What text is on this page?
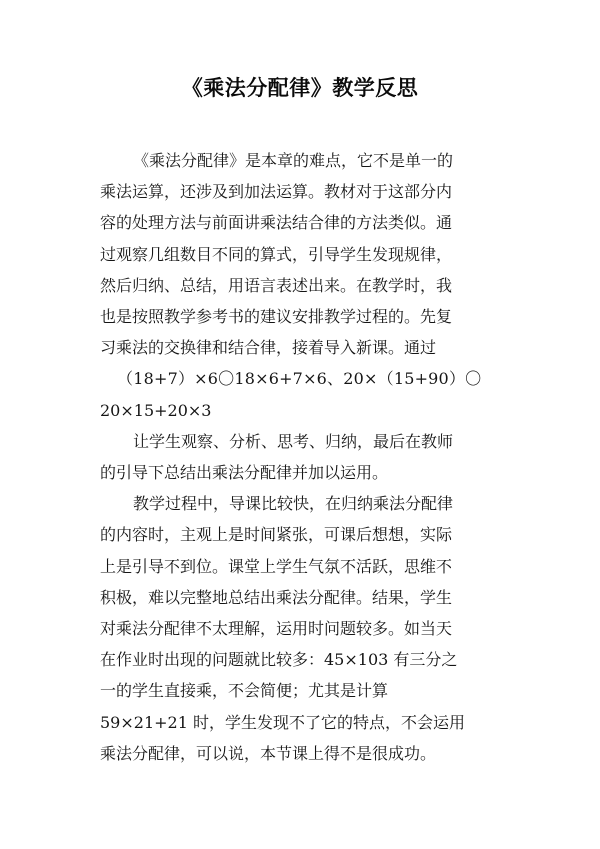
《乘法分配律》教学反思

《乘法分配律》是本章的难点，它不是单一的

乘法运算，还涉及到加法运算。教材对于这部分内

容的处理方法与前面讲乘法结合律的方法类似。通

过观察几组数目不同的算式，引导学生发现规律，

然后归纳、总结，用语言表述出来。在教学时，我

也是按照教学参考书的建议安排教学过程的。先复

习乘法的交换律和结合律，接着导入新课。通过

（18+7）×6〇18×6+7×6、20×（15+90）〇

20×15+20×3

让学生观察、分析、思考、归纳，最后在教师

的引导下总结出乘法分配律并加以运用。

教学过程中，导课比较快，在归纳乘法分配律

的内容时，主观上是时间紧张，可课后想想，实际

上是引导不到位。课堂上学生气氛不活跃，思维不

积极，难以完整地总结出乘法分配律。结果，学生

对乘法分配律不太理解，运用时问题较多。如当天

在作业时出现的问题就比较多：45×103 有三分之

一的学生直接乘，不会简便；尤其是计算

59×21+21 时，学生发现不了它的特点，不会运用

乘法分配律，可以说，本节课上得不是很成功。
